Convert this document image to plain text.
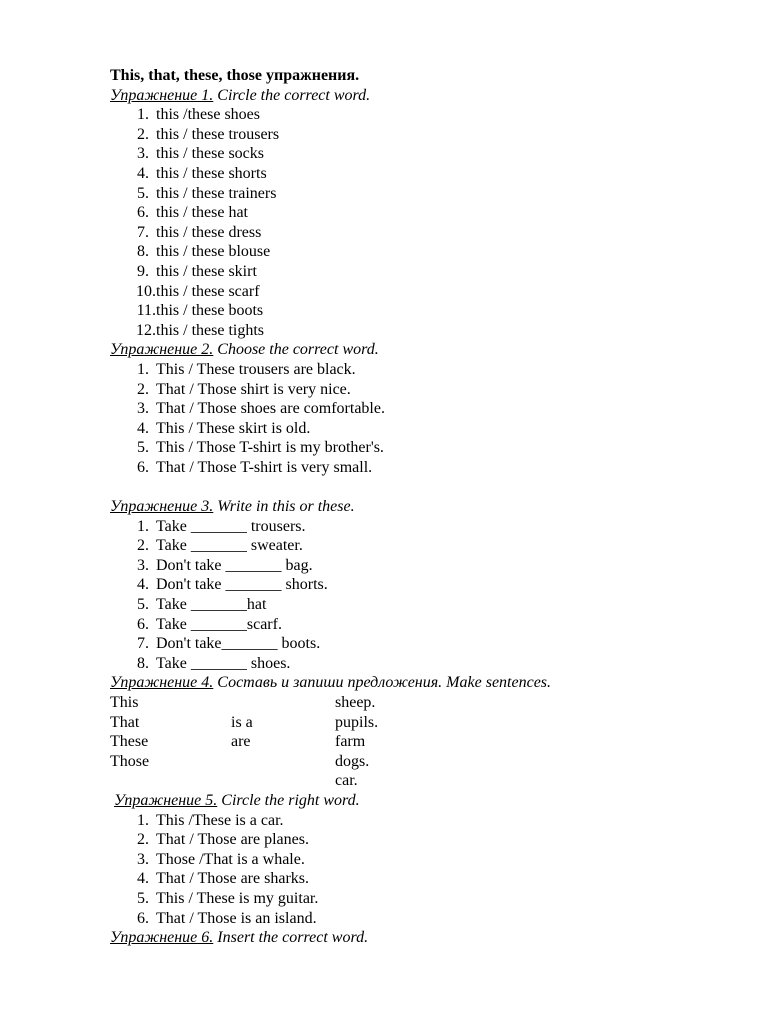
This, that, these, those упражнения.
Упражнение 1. Circle the correct word.
1. this /these shoes
2. this / these trousers
3. this / these socks
4. this / these shorts
5. this / these trainers
6. this / these hat
7. this / these dress
8. this / these blouse
9. this / these skirt
10. this / these scarf
11. this / these boots
12. this / these tights
Упражнение 2. Choose the correct word.
1. This / These trousers are black.
2. That / Those shirt is very nice.
3. That / Those shoes are comfortable.
4. This / These skirt is old.
5. This / Those T-shirt is my brother's.
6. That / Those T-shirt is very small.
Упражнение 3. Write in this or these.
1. Take _______ trousers.
2. Take _______ sweater.
3. Don't take _______ bag.
4. Don't take _______ shorts.
5. Take _______hat
6. Take _______scarf.
7. Don't take_______ boots.
8. Take _______ shoes.
Упражнение 4. Составь и запиши предложения. Make sentences.
This
That
These
Those
is a
are
sheep.
pupils.
farm
dogs.
car.
Упражнение 5. Circle the right word.
1. This /These is a car.
2. That / Those are planes.
3. Those /That is a whale.
4. That / Those are sharks.
5. This / These is my guitar.
6. That / Those is an island.
Упражнение 6. Insert the correct word.
